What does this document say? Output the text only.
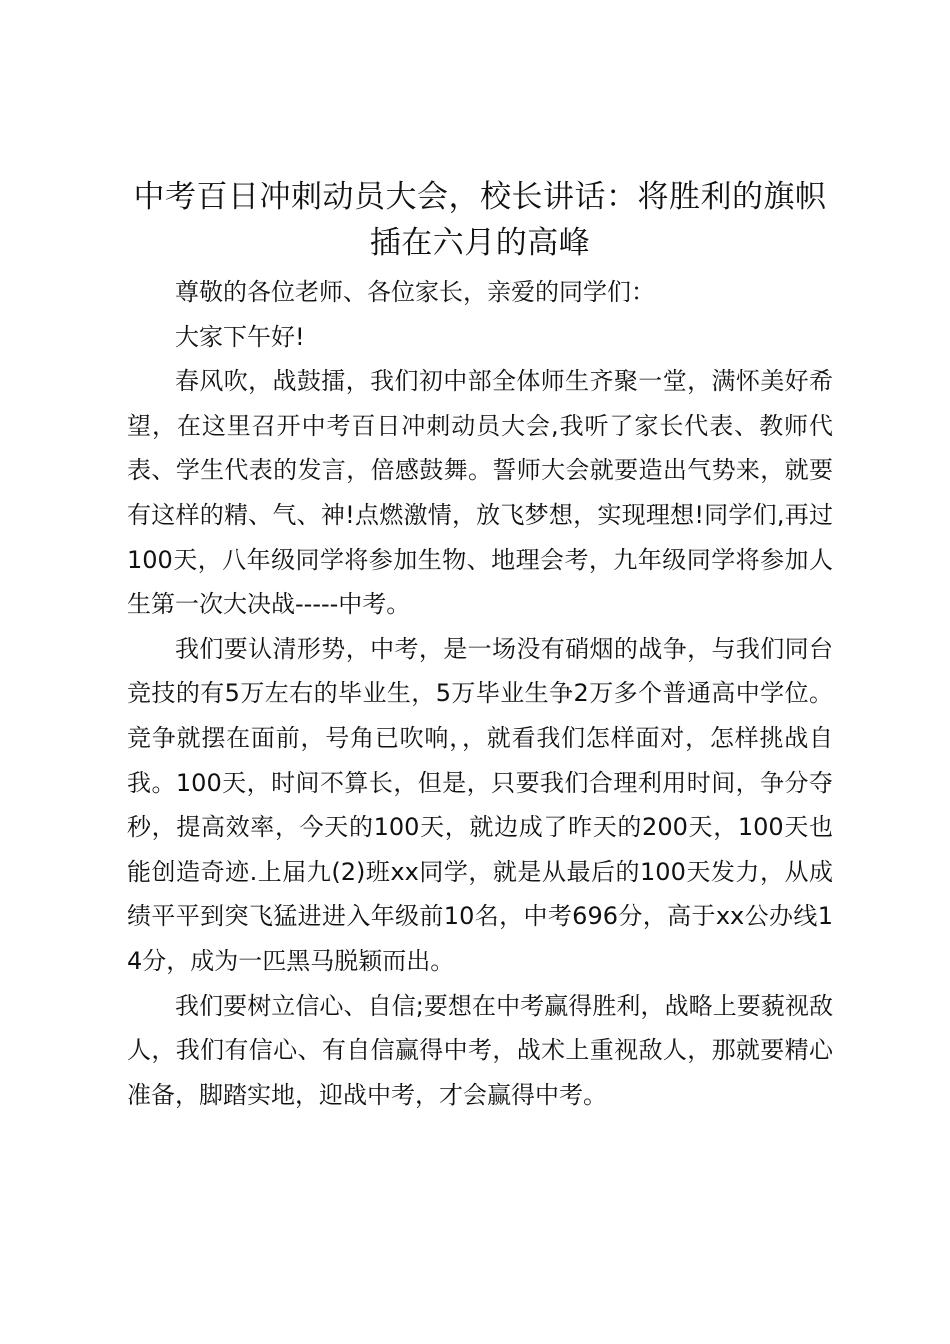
中考百日冲刺动员大会，校长讲话：将胜利的旗帜插在六月的高峰

尊敬的各位老师、各位家长，亲爱的同学们：

大家下午好!

春风吹，战鼓擂，我们初中部全体师生齐聚一堂，满怀美好希望，在这里召开中考百日冲刺动员大会,我听了家长代表、教师代表、学生代表的发言，倍感鼓舞。誓师大会就要造出气势来，就要有这样的精、气、神!点燃激情，放飞梦想，实现理想!同学们,再过100天，八年级同学将参加生物、地理会考，九年级同学将参加人生第一次大决战-----中考。

我们要认清形势，中考，是一场没有硝烟的战争，与我们同台竞技的有5万左右的毕业生，5万毕业生争2万多个普通高中学位。竞争就摆在面前，号角已吹响，，就看我们怎样面对，怎样挑战自我。100天，时间不算长，但是，只要我们合理利用时间，争分夺秒，提高效率，今天的100天，就边成了昨天的200天，100天也能创造奇迹.上届九(2)班xx同学，就是从最后的100天发力，从成绩平平到突飞猛进进入年级前10名，中考696分，高于xx公办线14分，成为一匹黑马脱颖而出。

我们要树立信心、自信;要想在中考赢得胜利，战略上要藐视敌人，我们有信心、有自信赢得中考，战术上重视敌人，那就要精心准备，脚踏实地，迎战中考，才会赢得中考。
